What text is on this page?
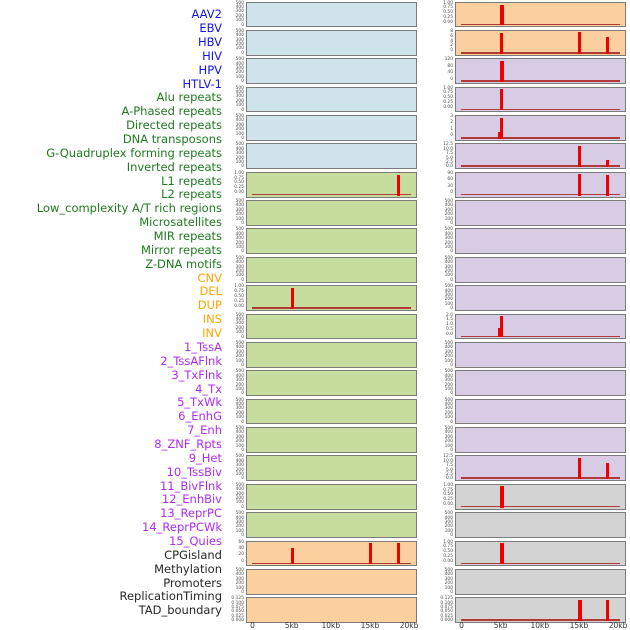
AAV2
EBV
HBV
HIV
HPV
HTLV-1
Alu repeats
A-Phased repeats
Directed repeats
DNA transposons
G-Quadruplex forming repeats
Inverted repeats
L1 repeats
L2 repeats
Low_complexity A/T rich regions
Microsatellites
MIR repeats
Mirror repeats
Z-DNA motifs
CNV
DEL
DUP
INS
INV
1_TssA
2_TssAFlnk
3_TxFlnk
4_Tx
5_TxWk
6_EnhG
7_Enh
8_ZNF_Rpts
9_Het
10_TssBiv
11_BivFlnk
12_EnhBiv
13_ReprPC
14_ReprPCWk
15_Quies
CPGisland
Methylation
Promoters
ReplicationTiming
TAD_boundary
500
400
300
200
100
0
500
400
300
200
100
0
500
400
300
200
100
0
500
400
300
200
100
0
500
400
300
200
100
0
500
400
300
200
100
0
1.00
0.75
0.50
0.25
0.00
500
400
300
200
100
0
500
400
300
200
100
0
500
400
300
200
100
0
1.00
0.75
0.50
0.25
0.00
500
400
300
200
100
0
500
400
300
200
100
0
500
400
300
200
100
0
500
400
300
200
100
0
500
400
300
200
100
0
500
400
300
200
100
0
500
400
300
200
100
0
500
400
300
200
100
0
60
40
20
0
500
400
300
200
100
0
0.125
0.100
0.075
0.050
0.025
0.000
1.00
0.75
0.50
0.25
0.00
8
6
4
2
0
120
80
40
0
1.00
0.75
0.50
0.25
0.00
3
2
1
0
12.5
10.0
7.5
5.0
2.5
0.0
90
60
30
0
500
400
300
200
100
0
500
400
300
200
100
0
500
400
300
200
100
0
500
400
300
200
100
0
2.0
1.5
1.0
0.5
0.0
500
400
300
200
100
0
500
400
300
200
100
0
500
400
300
200
100
0
500
400
300
200
100
0
12.5
10.0
7.5
5.0
2.5
0.0
1.00
0.75
0.50
0.25
0.00
500
400
300
200
100
0
1.00
0.75
0.50
0.25
0.00
500
400
300
200
100
0
0.125
0.100
0.075
0.050
0.025
0.000
0	5kb	10kb	15kb	20kb	0	5kb	10kb	15kb	20kb
